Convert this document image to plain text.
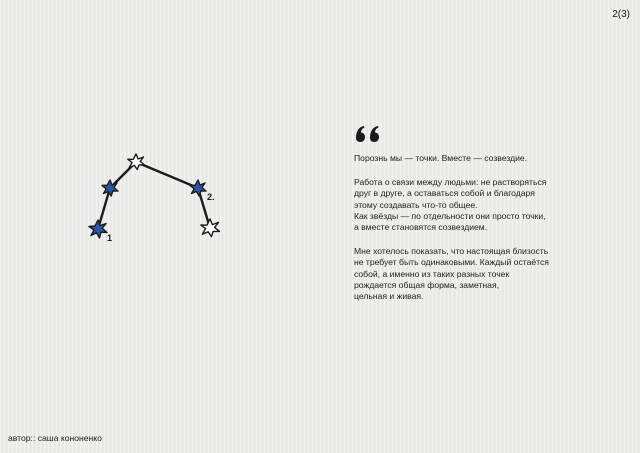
2(3)
1
2.

Порознь мы — точки. Вместе — созвездие.

Работа о связи между людьми: не растворяться
друг в друге, а оставаться собой и благодаря
этому создавать что-то общее.
Как звёзды — по отдельности они просто точки,
а вместе становятся созвездием.

Мне хотелось показать, что настоящая близость
не требует быть одинаковыми. Каждый остаётся
собой, а именно из таких разных точек
рождается общая форма, заметная,
цельная и живая.

автор:: саша кононенко
